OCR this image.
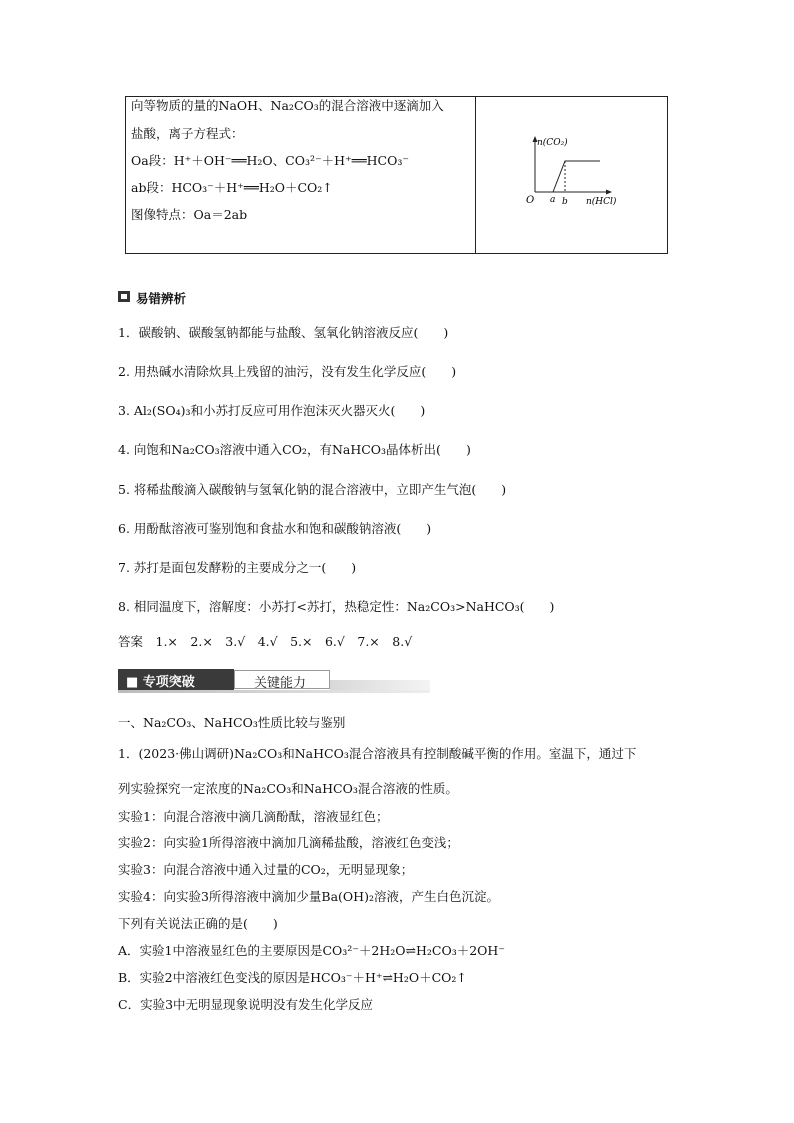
向等物质的量的NaOH、Na₂CO₃的混合溶液中逐滴加入
盐酸，离子方程式：
Oa段：H⁺＋OH⁻══H₂O、CO₃²⁻＋H⁺══HCO₃⁻
ab段：HCO₃⁻＋H⁺══H₂O＋CO₂↑
图像特点：Oa＝2ab
n(CO₂)
O a b n(HCl)
易错辨析
1．碳酸钠、碳酸氢钠都能与盐酸、氢氧化钠溶液反应(　　)
2. 用热碱水清除炊具上残留的油污，没有发生化学反应(　　)
3. Al₂(SO₄)₃和小苏打反应可用作泡沫灭火器灭火(　　)
4. 向饱和Na₂CO₃溶液中通入CO₂，有NaHCO₃晶体析出(　　)
5. 将稀盐酸滴入碳酸钠与氢氧化钠的混合溶液中，立即产生气泡(　　)
6. 用酚酞溶液可鉴别饱和食盐水和饱和碳酸钠溶液(　　)
7. 苏打是面包发酵粉的主要成分之一(　　)
8. 相同温度下，溶解度：小苏打<苏打，热稳定性：Na₂CO₃>NaHCO₃(　　)
答案　1.×　2.×　3.√　4.√　5.×　6.√　7.×　8.√
■ 专项突破	关键能力
一、Na₂CO₃、NaHCO₃性质比较与鉴别
1．(2023·佛山调研)Na₂CO₃和NaHCO₃混合溶液具有控制酸碱平衡的作用。室温下，通过下
列实验探究一定浓度的Na₂CO₃和NaHCO₃混合溶液的性质。
实验1：向混合溶液中滴几滴酚酞，溶液显红色；
实验2：向实验1所得溶液中滴加几滴稀盐酸，溶液红色变浅；
实验3：向混合溶液中通入过量的CO₂，无明显现象；
实验4：向实验3所得溶液中滴加少量Ba(OH)₂溶液，产生白色沉淀。
下列有关说法正确的是(　　)
A．实验1中溶液显红色的主要原因是CO₃²⁻＋2H₂O⇌H₂CO₃＋2OH⁻
B．实验2中溶液红色变浅的原因是HCO₃⁻＋H⁺⇌H₂O＋CO₂↑
C．实验3中无明显现象说明没有发生化学反应
